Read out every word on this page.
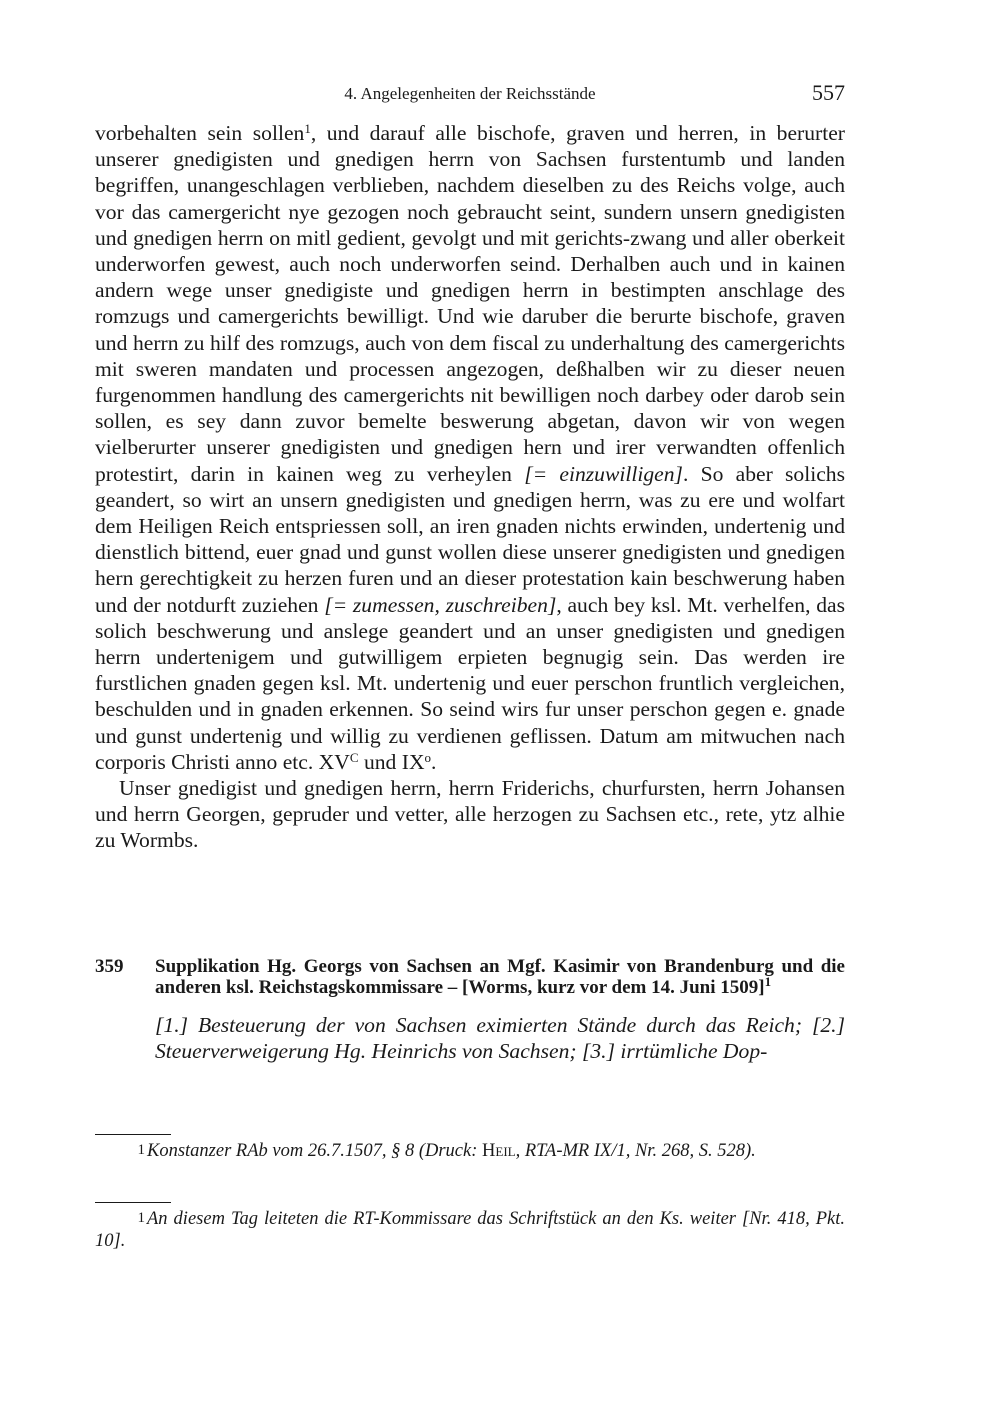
4. Angelegenheiten der Reichsstände	557

vorbehalten sein sollen$^1$, und darauf alle bischofe, graven und herren, in berurter unserer gnedigisten und gnedigen herrn von Sachsen furstentumb und landen begriffen, unangeschlagen verblieben, nachdem dieselben zu des Reichs volge, auch vor das camergericht nye gezogen noch gebraucht seint, sundern unsern gnedigisten und gnedigen herrn on mitl gedient, gevolgt und mit gerichts-zwang und aller oberkeit underworfen gewest, auch noch underworfen seind. Derhalben auch und in kainen andern wege unser gnedigiste und gnedigen herrn in bestimpten anschlage des romzugs und camergerichts bewilligt. Und wie daruber die berurte bischofe, graven und herrn zu hilf des romzugs, auch von dem fiscal zu underhaltung des camergerichts mit sweren mandaten und processen angezogen, deßhalben wir zu dieser neuen furgenommen handlung des camergerichts nit bewilligen noch darbey oder darob sein sollen, es sey dann zuvor bemelte beswerung abgetan, davon wir von wegen vielberurter unserer gnedigisten und gnedigen hern und irer verwandten offenlich protestirt, darin in kainen weg zu verheylen [= einzuwilligen]. So aber solichs geandert, so wirt an unsern gnedigisten und gnedigen herrn, was zu ere und wolfart dem Heiligen Reich entspriessen soll, an iren gnaden nichts erwinden, undertenig und dienstlich bittend, euer gnad und gunst wollen diese unserer gnedigisten und gnedigen hern gerechtigkeit zu herzen furen und an dieser protestation kain beschwerung haben und der notdurft zuziehen [= zumessen, zuschreiben], auch bey ksl. Mt. verhelfen, das solich beschwerung und anslege geandert und an unser gnedigisten und gnedigen herrn undertenigem und gutwilligem erpieten begnugig sein. Das werden ire furstlichen gnaden gegen ksl. Mt. undertenig und euer perschon fruntlich vergleichen, beschulden und in gnaden erkennen. So seind wirs fur unser perschon gegen e. gnade und gunst undertenig und willig zu verdienen geflissen. Datum am mitwuchen nach corporis Christi anno etc. $XV^C$ und $IX^o$.

Unser gnedigist und gnedigen herrn, herrn Friderichs, churfursten, herrn Johansen und herrn Georgen, gepruder und vetter, alle herzogen zu Sachsen etc., rete, ytz alhie zu Wormbs.

359 Supplikation Hg. Georgs von Sachsen an Mgf. Kasimir von Brandenburg und die anderen ksl. Reichstagskommissare – [Worms, kurz vor dem 14. Juni 1509]$^1$
[1.] Besteuerung der von Sachsen eximierten Stände durch das Reich; [2.] Steuerverweigerung Hg. Heinrichs von Sachsen; [3.] irrtümliche Dop-
1 Konstanzer RAb vom 26.7.1507, § 8 (Druck: Heil, RTA-MR IX/1, Nr. 268, S. 528).
1 An diesem Tag leiteten die RT-Kommissare das Schriftstück an den Ks. weiter [Nr. 418, Pkt. 10].
